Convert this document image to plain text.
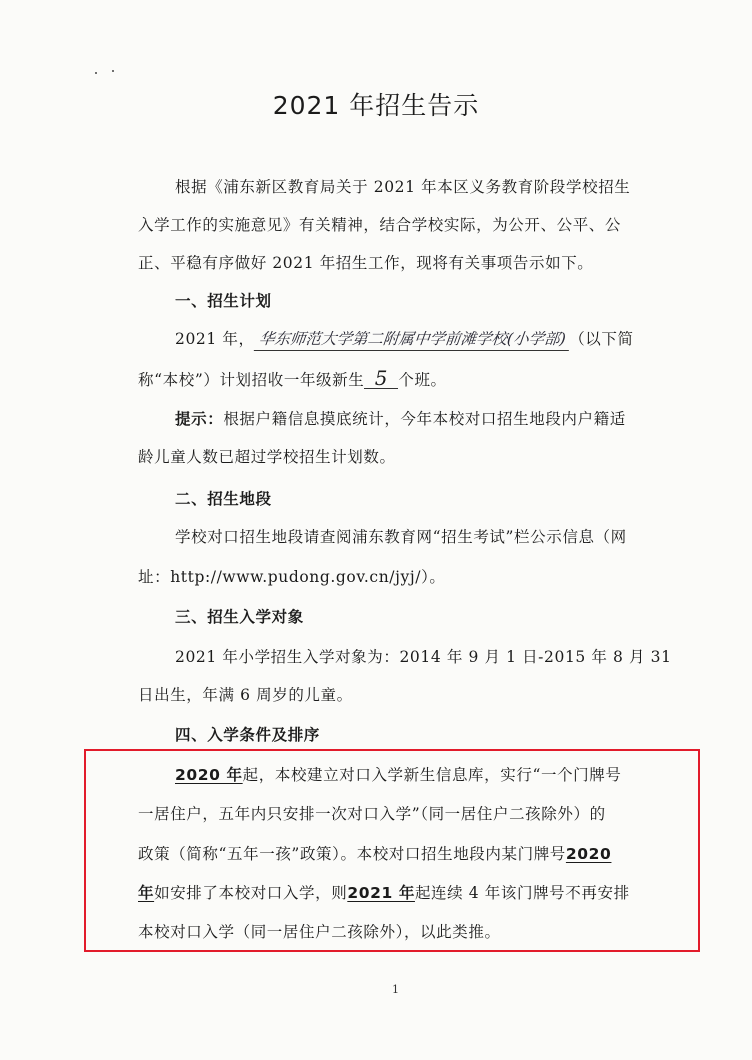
2021 年招生告示
根据《浦东新区教育局关于 2021 年本区义务教育阶段学校招生
入学工作的实施意见》有关精神，结合学校实际，为公开、公平、公
正、平稳有序做好 2021 年招生工作，现将有关事项告示如下。
一、招生计划
2021 年， 华东师范大学第二附属中学前滩学校(小学部) （以下简
称“本校”）计划招收一年级新生 5 个班。
提示：根据户籍信息摸底统计，今年本校对口招生地段内户籍适
龄儿童人数已超过学校招生计划数。
二、招生地段
学校对口招生地段请查阅浦东教育网“招生考试”栏公示信息（网
址：http://www.pudong.gov.cn/jyj/）。
三、招生入学对象
2021 年小学招生入学对象为：2014 年 9 月 1 日-2015 年 8 月 31
日出生，年满 6 周岁的儿童。
四、入学条件及排序
2020 年起，本校建立对口入学新生信息库，实行“一个门牌号
一居住户，五年内只安排一次对口入学”（同一居住户二孩除外）的
政策（简称“五年一孩”政策）。本校对口招生地段内某门牌号2020
年如安排了本校对口入学，则2021 年起连续 4 年该门牌号不再安排
本校对口入学（同一居住户二孩除外），以此类推。
1
